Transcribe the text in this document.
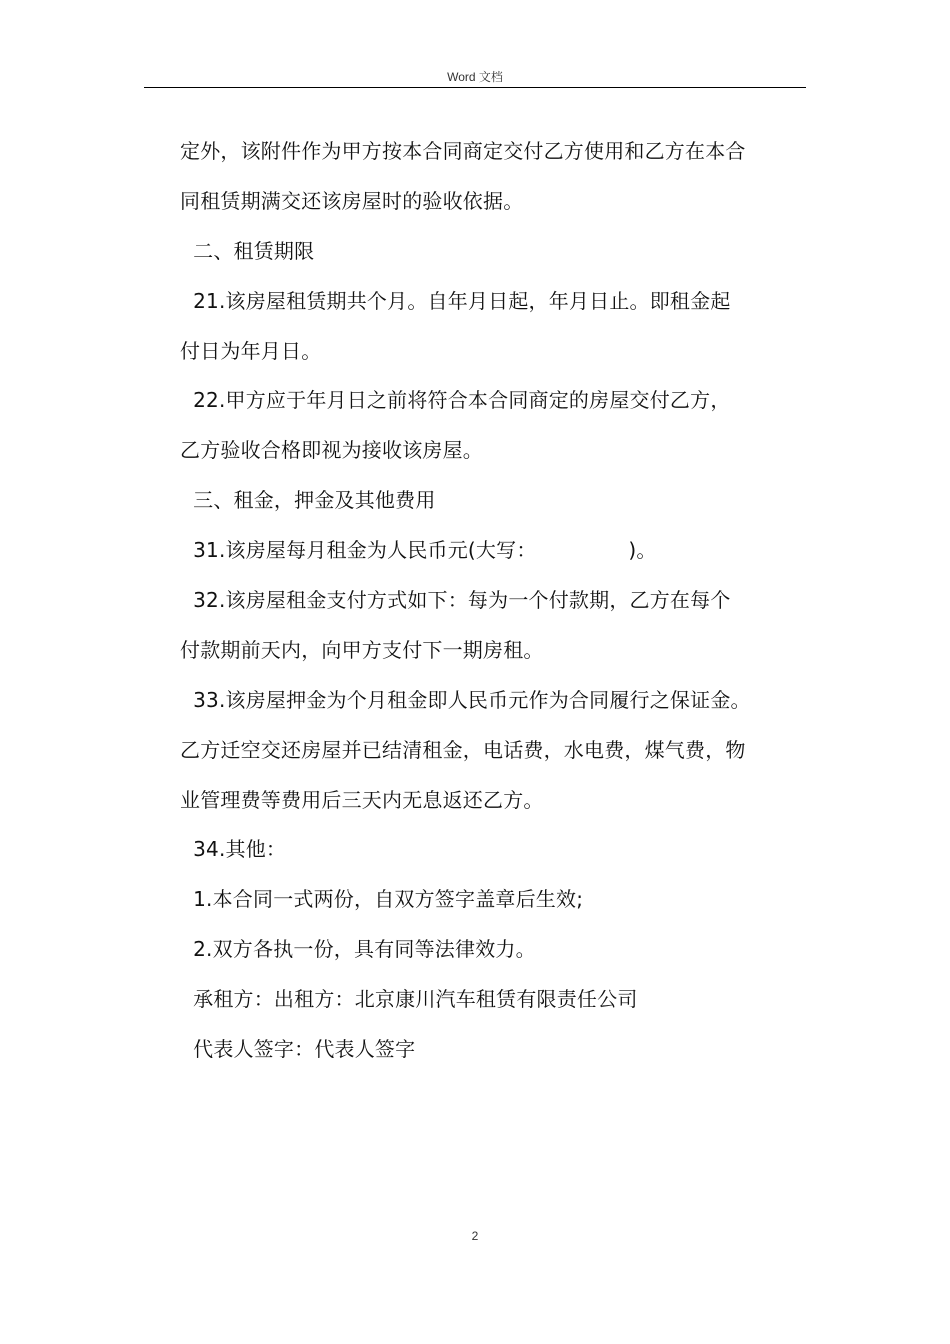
Word 文档
定外，该附件作为甲方按本合同商定交付乙方使用和乙方在本合
同租赁期满交还该房屋时的验收依据。
二、租赁期限
21.该房屋租赁期共个月。自年月日起，年月日止。即租金起
付日为年月日。
22.甲方应于年月日之前将符合本合同商定的房屋交付乙方，
乙方验收合格即视为接收该房屋。
三、租金，押金及其他费用
31.该房屋每月租金为人民币元(大写：              )。
32.该房屋租金支付方式如下：每为一个付款期，乙方在每个
付款期前天内，向甲方支付下一期房租。
33.该房屋押金为个月租金即人民币元作为合同履行之保证金。
乙方迁空交还房屋并已结清租金，电话费，水电费，煤气费，物
业管理费等费用后三天内无息返还乙方。
34.其他：
1.本合同一式两份，自双方签字盖章后生效;
2.双方各执一份，具有同等法律效力。
承租方：出租方：北京康川汽车租赁有限责任公司
代表人签字：代表人签字
2
